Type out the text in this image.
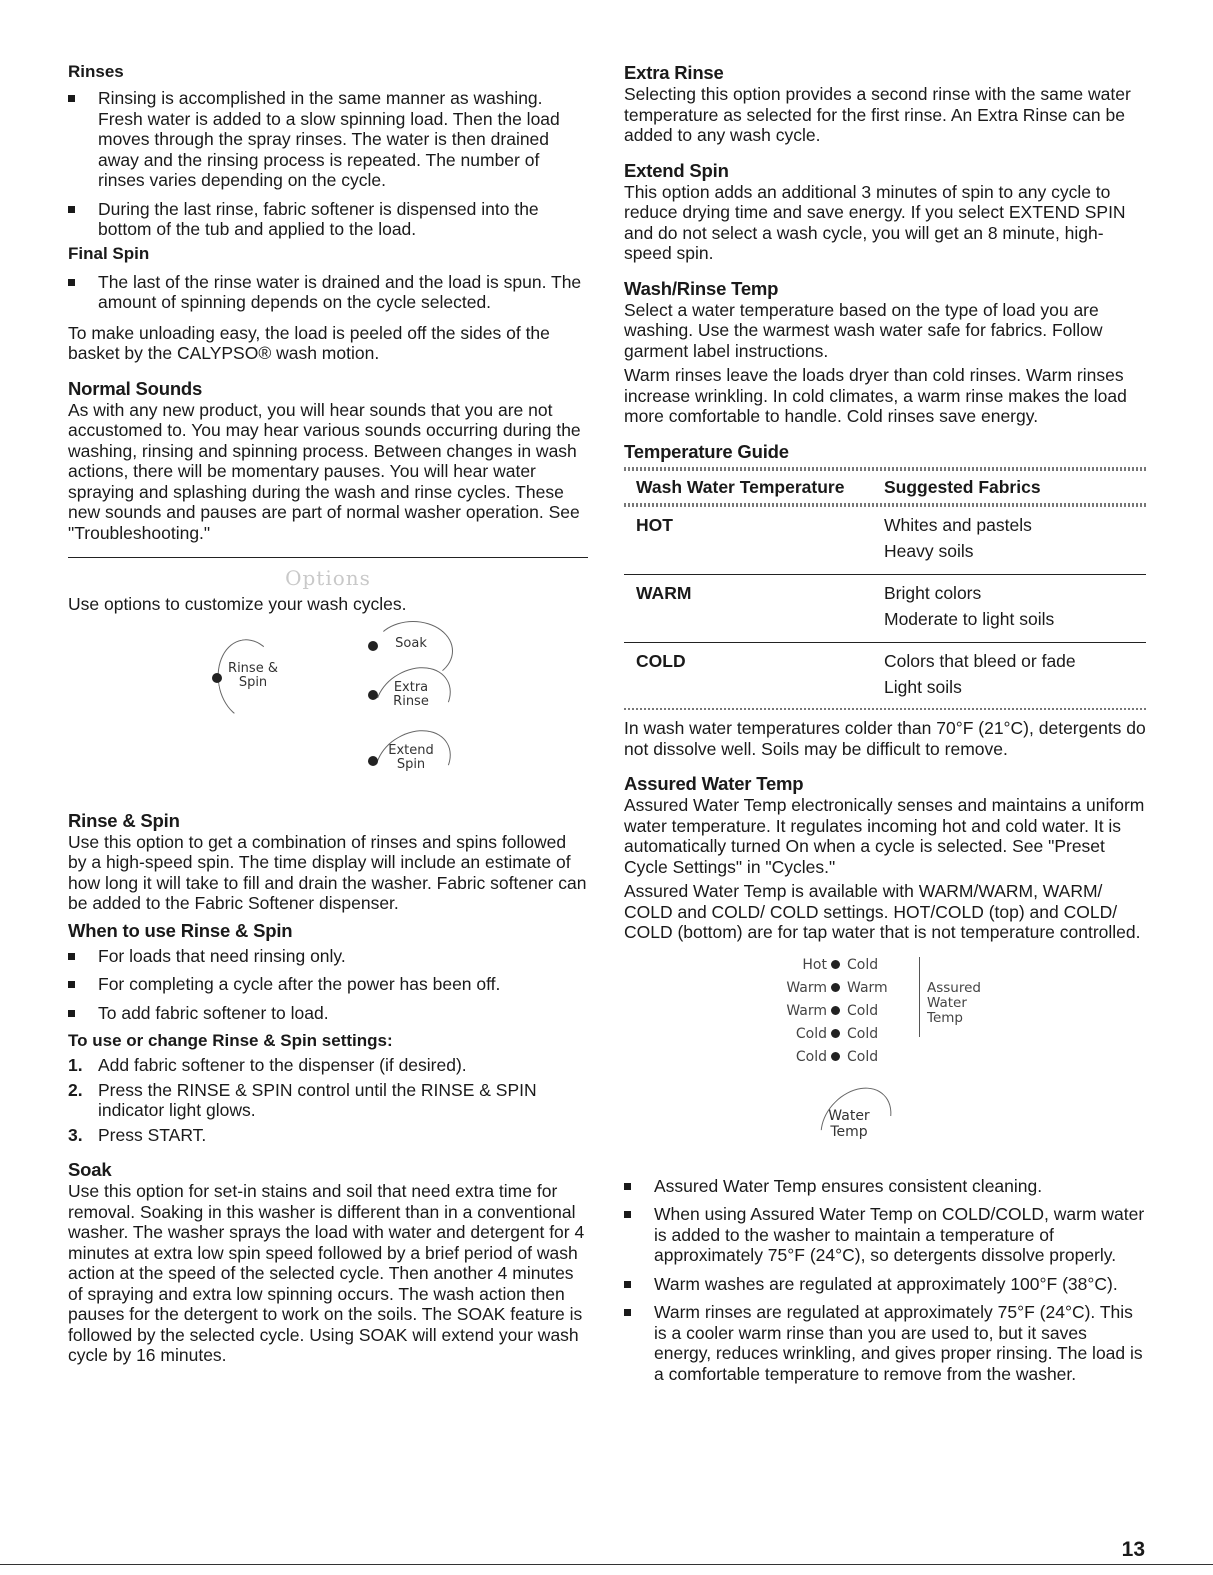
Rinses

Rinsing is accomplished in the same manner as washing. Fresh water is added to a slow spinning load. Then the load moves through the spray rinses. The water is then drained away and the rinsing process is repeated. The number of rinses varies depending on the cycle.

During the last rinse, fabric softener is dispensed into the bottom of the tub and applied to the load.

Final Spin

The last of the rinse water is drained and the load is spun. The amount of spinning depends on the cycle selected.

To make unloading easy, the load is peeled off the sides of the basket by the CALYPSO® wash motion.

Normal Sounds

As with any new product, you will hear sounds that you are not accustomed to. You may hear various sounds occurring during the washing, rinsing and spinning process. Between changes in wash actions, there will be momentary pauses. You will hear water spraying and splashing during the wash and rinse cycles. These new sounds and pauses are part of normal washer operation. See "Troubleshooting."

Options

Use options to customize your wash cycles.

Soak
Rinse &
Spin	Extra
Rinse
Extend
Spin
Rinse & Spin

Use this option to get a combination of rinses and spins followed by a high-speed spin. The time display will include an estimate of how long it will take to fill and drain the washer. Fabric softener can be added to the Fabric Softener dispenser.

When to use Rinse & Spin

For loads that need rinsing only.

For completing a cycle after the power has been off.

To add fabric softener to load.

To use or change Rinse & Spin settings:
1. Add fabric softener to the dispenser (if desired).
2. Press the RINSE & SPIN control until the RINSE & SPIN indicator light glows.
3. Press START.
Soak

Use this option for set-in stains and soil that need extra time for removal. Soaking in this washer is different than in a conventional washer. The washer sprays the load with water and detergent for 4 minutes at extra low spin speed followed by a brief period of wash action at the speed of the selected cycle. Then another 4 minutes of spraying and extra low spinning occurs. The wash action then pauses for the detergent to work on the soils. The SOAK feature is followed by the selected cycle. Using SOAK will extend your wash cycle by 16 minutes.

Extra Rinse

Selecting this option provides a second rinse with the same water temperature as selected for the first rinse. An Extra Rinse can be added to any wash cycle.

Extend Spin

This option adds an additional 3 minutes of spin to any cycle to reduce drying time and save energy. If you select EXTEND SPIN and do not select a wash cycle, you will get an 8 minute, high-speed spin.

Wash/Rinse Temp

Select a water temperature based on the type of load you are washing. Use the warmest wash water safe for fabrics. Follow garment label instructions.

Warm rinses leave the loads dryer than cold rinses. Warm rinses increase wrinkling. In cold climates, a warm rinse makes the load more comfortable to handle. Cold rinses save energy.

Temperature Guide
Wash Water Temperature	Suggested Fabrics
HOT	Whites and pastels
Heavy soils
WARM	Bright colors
Moderate to light soils
COLD	Colors that bleed or fade
Light soils

In wash water temperatures colder than 70°F (21°C), detergents do not dissolve well. Soils may be difficult to remove.

Assured Water Temp

Assured Water Temp electronically senses and maintains a uniform water temperature. It regulates incoming hot and cold water. It is automatically turned On when a cycle is selected. See "Preset Cycle Settings" in "Cycles."

Assured Water Temp is available with WARM/WARM, WARM/ COLD and COLD/ COLD settings. HOT/COLD (top) and COLD/ COLD (bottom) are for tap water that is not temperature controlled.

Hot Cold
Warm Warm
Warm Cold
Cold Cold
Cold Cold
Assured
Water
Temp
Water
Temp

Assured Water Temp ensures consistent cleaning.

When using Assured Water Temp on COLD/COLD, warm water is added to the washer to maintain a temperature of approximately 75°F (24°C), so detergents dissolve properly.

Warm washes are regulated at approximately 100°F (38°C).

Warm rinses are regulated at approximately 75°F (24°C). This is a cooler warm rinse than you are used to, but it saves energy, reduces wrinkling, and gives proper rinsing. The load is a comfortable temperature to remove from the washer.

13
